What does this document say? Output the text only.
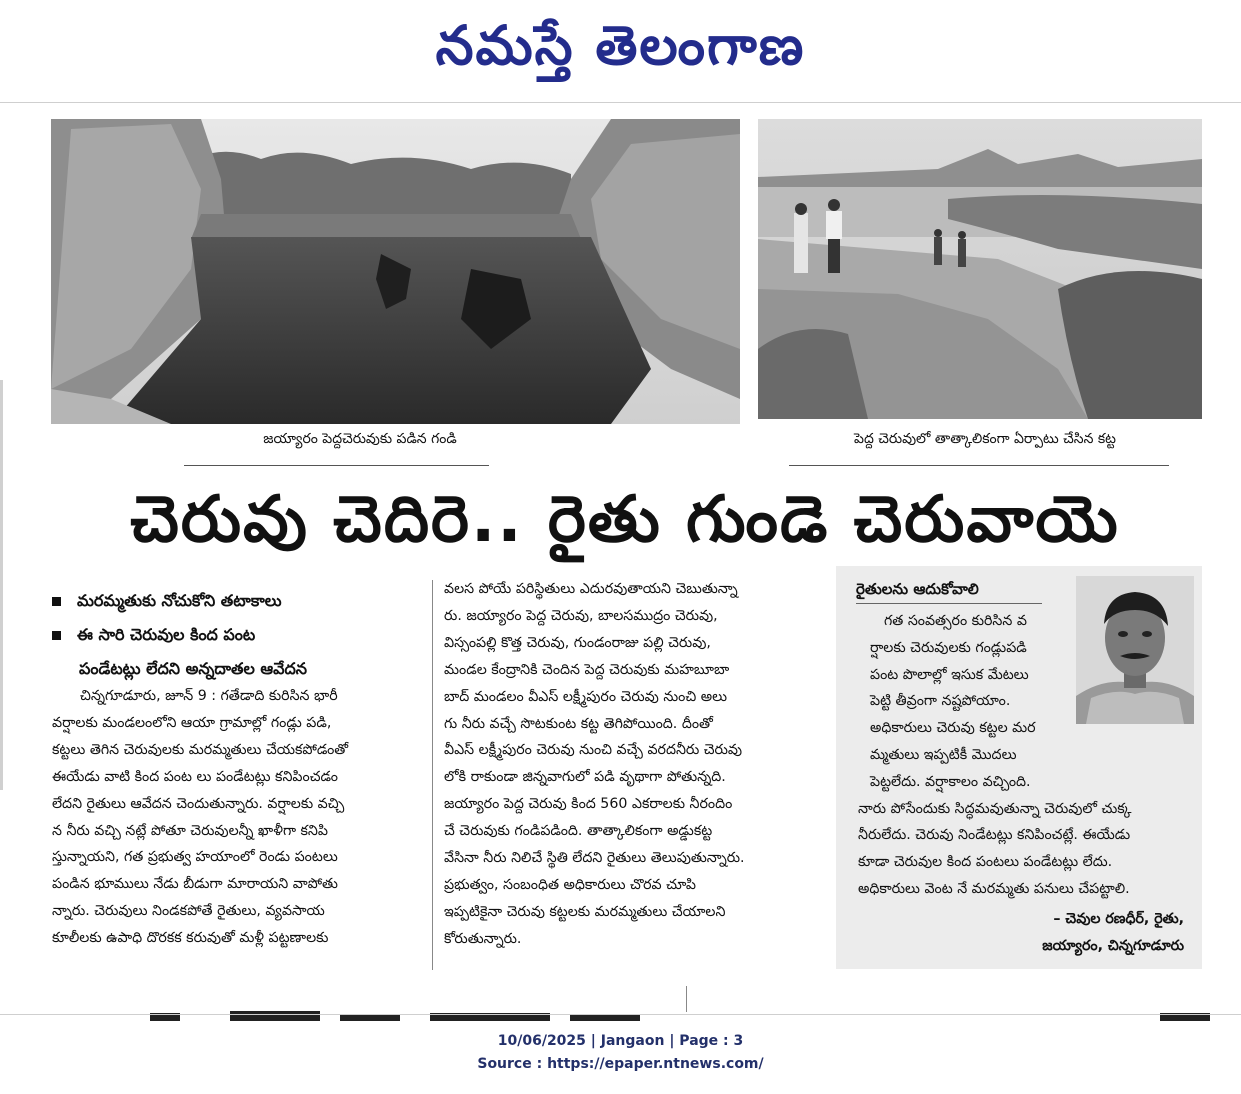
నమస్తే తెలంగాణ
జయ్యారం పెద్దచెరువుకు పడిన గండి	పెద్ద చెరువులో తాత్కాలికంగా ఏర్పాటు చేసిన కట్ట
చెరువు చెదిరె.. రైతు గుండె చెరువాయె
మరమ్మతుకు నోచుకోని తటాకాలు
ఈ సారి చెరువుల కింద పంట
పండేటట్లు లేదని అన్నదాతల ఆవేదన

చిన్నగూడూరు, జూన్ 9 : గతేడాది కురిసిన భారీ

వర్షాలకు మండలంలోని ఆయా గ్రామాల్లో గండ్లు పడి,

కట్టలు తెగిన చెరువులకు మరమ్మతులు చేయకపోడంతో

ఈయేడు వాటి కింద పంట లు పండేటట్లు కనిపించడం

లేదని రైతులు ఆవేదన చెందుతున్నారు. వర్షాలకు వచ్చి

న నీరు వచ్చి నట్లే పోతూ చెరువులన్నీ ఖాళీగా కనిపి

స్తున్నాయని, గత ప్రభుత్వ హయాంలో రెండు పంటలు

పండిన భూములు నేడు బీడుగా మారాయని వాపోతు

న్నారు. చెరువులు నిండకపోతే రైతులు, వ్యవసాయ

కూలీలకు ఉపాధి దొరకక కరువుతో మళ్లీ పట్టణాలకు

వలస పోయే పరిస్థితులు ఎదురవుతాయని చెబుతున్నా

రు. జయ్యారం పెద్ద చెరువు, బాలసముద్రం చెరువు,

విస్సంపల్లి కొత్త చెరువు, గుండంరాజు పల్లి చెరువు,

మండల కేంద్రానికి చెందిన పెద్ద చెరువుకు మహబూబా

బాద్ మండలం వీఎస్ లక్ష్మీపురం చెరువు నుంచి అలు

గు నీరు వచ్చే సొటకుంట కట్ట తెగిపోయింది. దీంతో

వీఎస్ లక్ష్మీపురం చెరువు నుంచి వచ్చే వరదనీరు చెరువు

లోకి రాకుండా జిన్నవాగులో పడి వృథాగా పోతున్నది.

జయ్యారం పెద్ద చెరువు కింద 560 ఎకరాలకు నీరందిం

చే చెరువుకు గండిపడింది. తాత్కాలికంగా అడ్డుకట్ట

వేసినా నీరు నిలిచే స్థితి లేదని రైతులు తెలుపుతున్నారు.

ప్రభుత్వం, సంబంధిత అధికారులు చొరవ చూపి

ఇప్పటికైనా చెరువు కట్టలకు మరమ్మతులు చేయాలని

కోరుతున్నారు.

రైతులను ఆదుకోవాలి

గత సంవత్సరం కురిసిన వ

ర్షాలకు చెరువులకు గండ్లుపడి

పంట పొలాల్లో ఇసుక మేటలు

పెట్టి తీవ్రంగా నష్టపోయాం.

అధికారులు చెరువు కట్టల మర

మ్మతులు ఇప్పటికీ మొదలు

పెట్టలేదు. వర్షాకాలం వచ్చింది.

నారు పోసేందుకు సిద్ధమవుతున్నా చెరువులో చుక్క

నీరులేదు. చెరువు నిండేటట్లు కనిపించట్లే. ఈయేడు

కూడా చెరువుల కింద పంటలు పండేటట్లు లేదు.

అధికారులు వెంట నే మరమ్మతు పనులు చేపట్టాలి.

– చెవుల రణధీర్, రైతు,
జయ్యారం, చిన్నగూడూరు
10/06/2025 | Jangaon | Page : 3
Source : https://epaper.ntnews.com/
